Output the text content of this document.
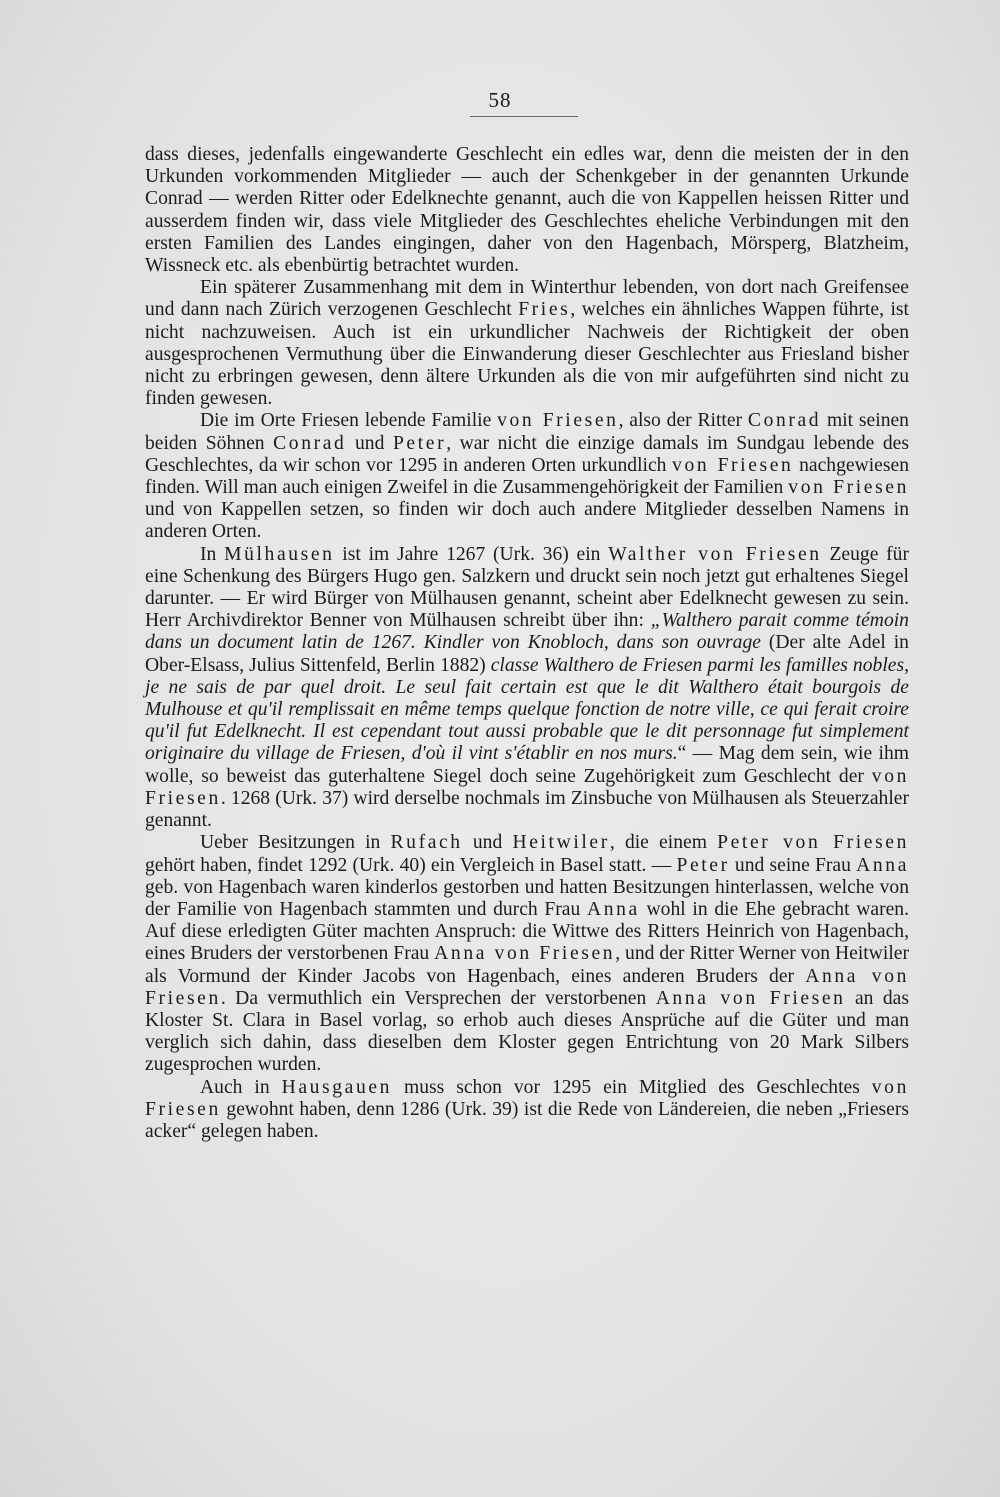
58

dass dieses, jedenfalls eingewanderte Geschlecht ein edles war, denn die meisten der in den Urkunden vorkommenden Mitglieder — auch der Schenkgeber in der genannten Urkunde Conrad — werden Ritter oder Edelknechte genannt, auch die von Kappellen heissen Ritter und ausserdem finden wir, dass viele Mitglieder des Geschlechtes eheliche Verbindungen mit den ersten Familien des Landes eingingen, daher von den Hagenbach, Mörsperg, Blatzheim, Wissneck etc. als ebenbürtig betrachtet wurden.

Ein späterer Zusammenhang mit dem in Winterthur lebenden, von dort nach Greifensee und dann nach Zürich verzogenen Geschlecht Fries, welches ein ähnliches Wappen führte, ist nicht nachzuweisen. Auch ist ein urkundlicher Nachweis der Richtigkeit der oben ausgesprochenen Vermuthung über die Einwanderung dieser Geschlechter aus Friesland bisher nicht zu erbringen gewesen, denn ältere Urkunden als die von mir aufgeführten sind nicht zu finden gewesen.

Die im Orte Friesen lebende Familie von Friesen, also der Ritter Conrad mit seinen beiden Söhnen Conrad und Peter, war nicht die einzige damals im Sundgau lebende des Geschlechtes, da wir schon vor 1295 in anderen Orten urkundlich von Friesen nachgewiesen finden. Will man auch einigen Zweifel in die Zusammengehörigkeit der Familien von Friesen und von Kappellen setzen, so finden wir doch auch andere Mitglieder desselben Namens in anderen Orten.

In Mülhausen ist im Jahre 1267 (Urk. 36) ein Walther von Friesen Zeuge für eine Schenkung des Bürgers Hugo gen. Salzkern und druckt sein noch jetzt gut erhaltenes Siegel darunter. — Er wird Bürger von Mülhausen genannt, scheint aber Edelknecht gewesen zu sein. Herr Archivdirektor Benner von Mülhausen schreibt über ihn: „Walthero parait comme témoin dans un document latin de 1267. Kindler von Knobloch, dans son ouvrage (Der alte Adel in Ober-Elsass, Julius Sittenfeld, Berlin 1882) classe Walthero de Friesen parmi les familles nobles, je ne sais de par quel droit. Le seul fait certain est que le dit Walthero était bourgois de Mulhouse et qu'il remplissait en même temps quelque fonction de notre ville, ce qui ferait croire qu'il fut Edelknecht. Il est cependant tout aussi probable que le dit personnage fut simplement originaire du village de Friesen, d'où il vint s'établir en nos murs.“ — Mag dem sein, wie ihm wolle, so beweist das guterhaltene Siegel doch seine Zugehörigkeit zum Geschlecht der von Friesen. 1268 (Urk. 37) wird derselbe nochmals im Zinsbuche von Mülhausen als Steuerzahler genannt.

Ueber Besitzungen in Rufach und Heitwiler, die einem Peter von Friesen gehört haben, findet 1292 (Urk. 40) ein Vergleich in Basel statt. — Peter und seine Frau Anna geb. von Hagenbach waren kinderlos gestorben und hatten Besitzungen hinterlassen, welche von der Familie von Hagenbach stammten und durch Frau Anna wohl in die Ehe gebracht waren. Auf diese erledigten Güter machten Anspruch: die Wittwe des Ritters Heinrich von Hagenbach, eines Bruders der verstorbenen Frau Anna von Friesen, und der Ritter Werner von Heitwiler als Vormund der Kinder Jacobs von Hagenbach, eines anderen Bruders der Anna von Friesen. Da vermuthlich ein Versprechen der verstorbenen Anna von Friesen an das Kloster St. Clara in Basel vorlag, so erhob auch dieses Ansprüche auf die Güter und man verglich sich dahin, dass dieselben dem Kloster gegen Entrichtung von 20 Mark Silbers zugesprochen wurden.

Auch in Hausgauen muss schon vor 1295 ein Mitglied des Geschlechtes von Friesen gewohnt haben, denn 1286 (Urk. 39) ist die Rede von Ländereien, die neben „Friesers acker“ gelegen haben.
